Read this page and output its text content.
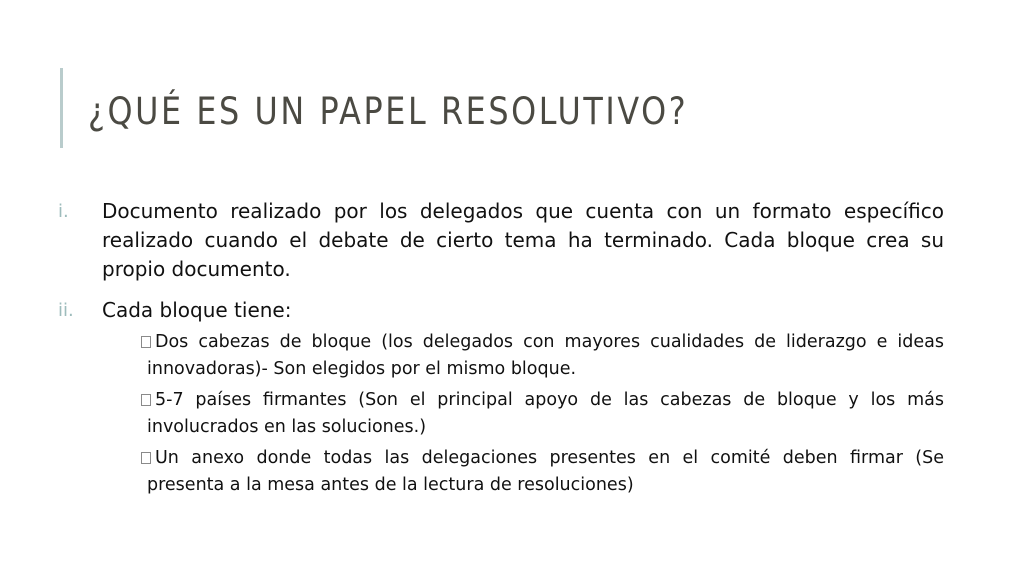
¿QUÉ ES UN PAPEL RESOLUTIVO?
i.	Documento realizado por los delegados que cuenta con un formato específico realizado cuando el debate de cierto tema ha terminado. Cada bloque crea su propio documento.
ii.	Cada bloque tiene:
Dos cabezas de bloque (los delegados con mayores cualidades de liderazgo e ideas innovadoras)- Son elegidos por el mismo bloque.
5-7 países firmantes (Son el principal apoyo de las cabezas de bloque y los más involucrados en las soluciones.)
Un anexo donde todas las delegaciones presentes en el comité deben firmar (Se presenta a la mesa antes de la lectura de resoluciones)
